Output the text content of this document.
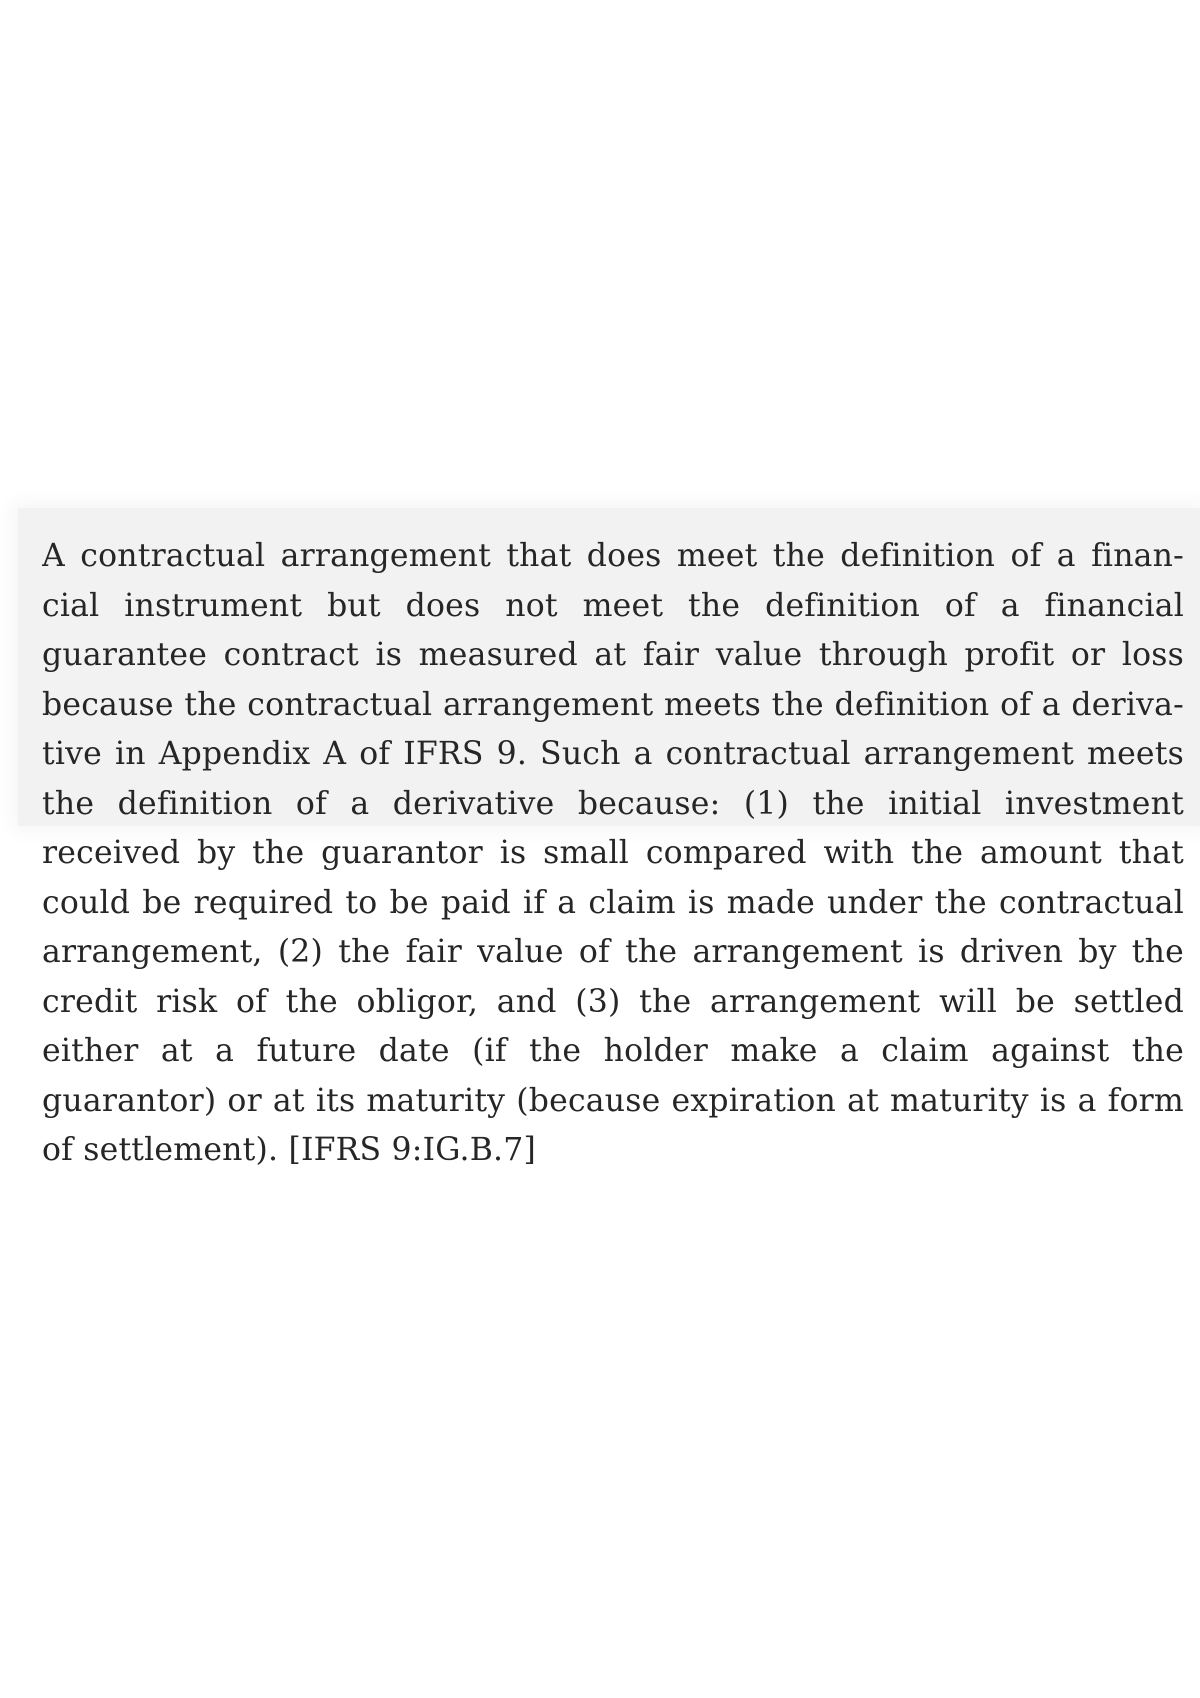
A contractual arrangement that does meet the definition of a finan-
cial instrument but does not meet the definition of a financial
guarantee contract is measured at fair value through profit or loss
because the contractual arrangement meets the definition of a deriva-
tive in Appendix A of IFRS 9. Such a contractual arrangement meets
the definition of a derivative because: (1) the initial investment
received by the guarantor is small compared with the amount that
could be required to be paid if a claim is made under the contractual
arrangement, (2) the fair value of the arrangement is driven by the
credit risk of the obligor, and (3) the arrangement will be settled
either at a future date (if the holder make a claim against the
guarantor) or at its maturity (because expiration at maturity is a form
of settlement). [IFRS 9:IG.B.7]
